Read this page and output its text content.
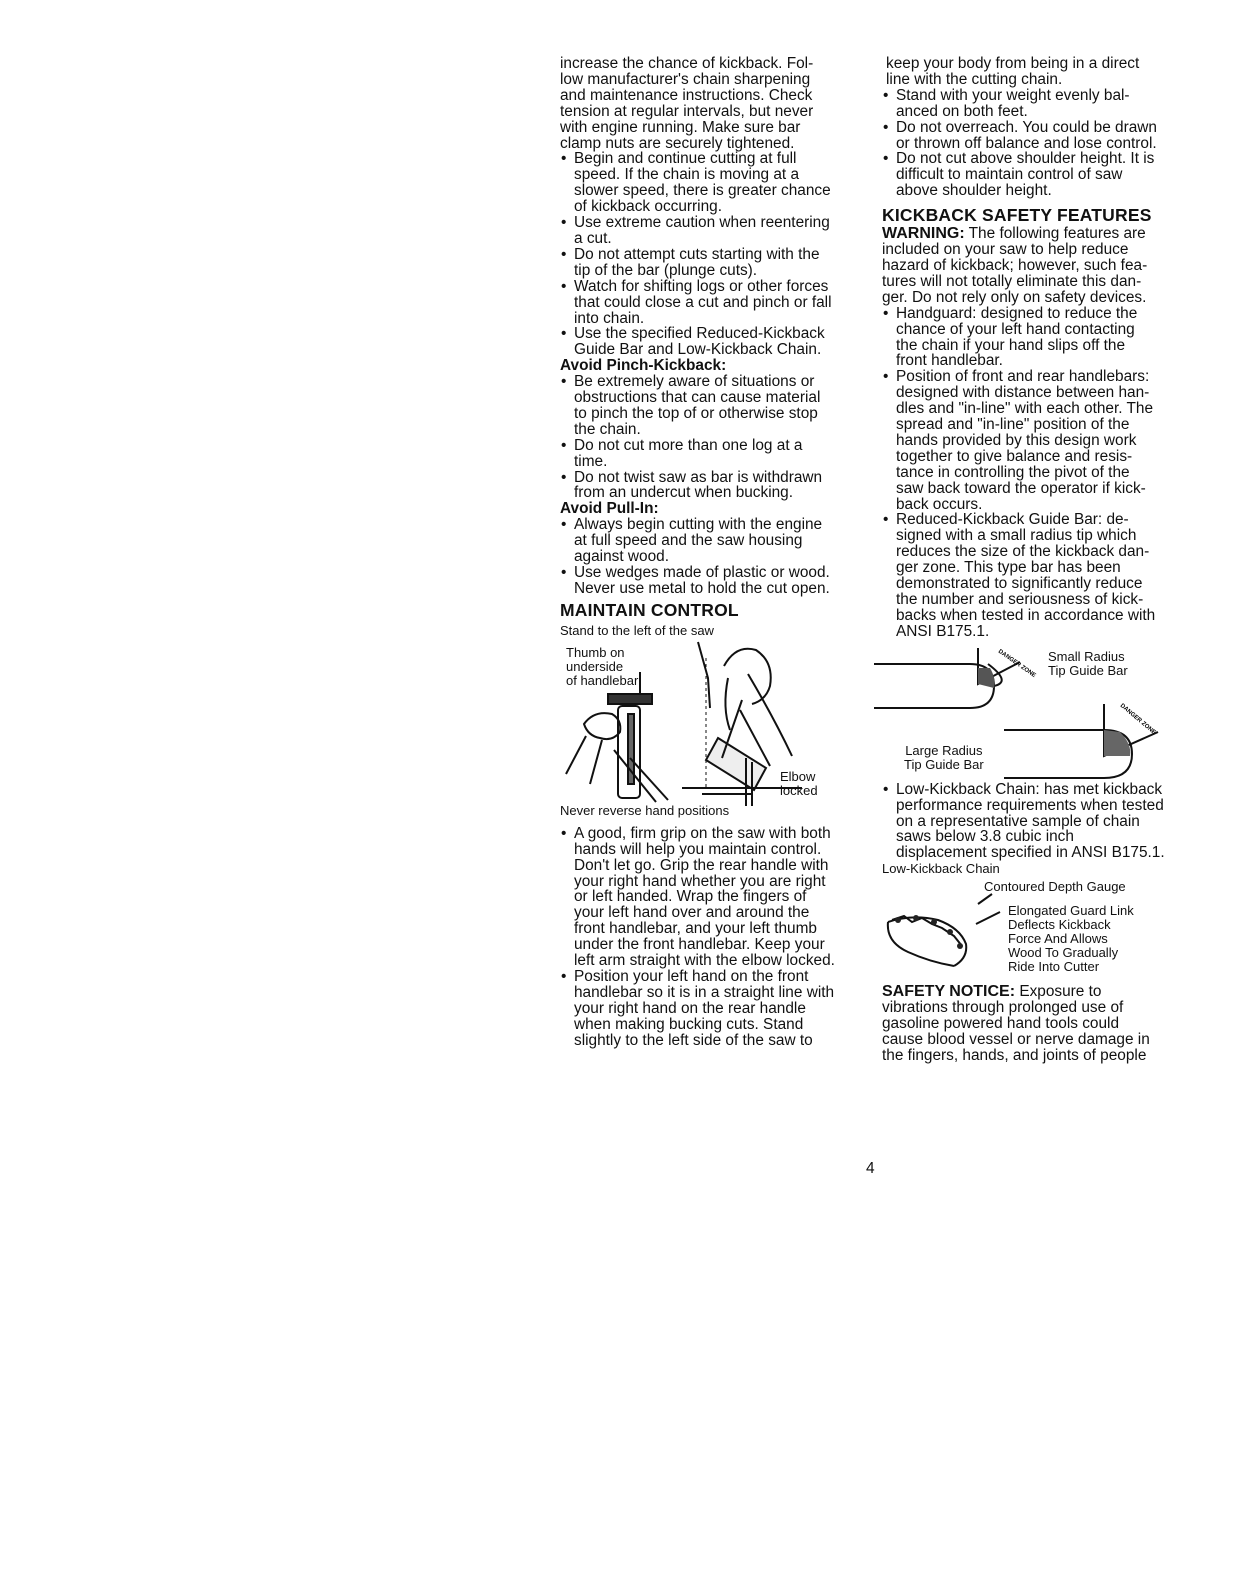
increase the chance of kickback. Fol-
low manufacturer's chain sharpening
and maintenance instructions. Check
tension at regular intervals, but never
with engine running. Make sure bar
clamp nuts are securely tightened.

• Begin and continue cutting at full
speed. If the chain is moving at a
slower speed, there is greater chance
of kickback occurring.

• Use extreme caution when reentering
a cut.

• Do not attempt cuts starting with the
tip of the bar (plunge cuts).

• Watch for shifting logs or other forces
that could close a cut and pinch or fall
into chain.

• Use the specified Reduced-Kickback
Guide Bar and Low-Kickback Chain.

Avoid Pinch-Kickback:

• Be extremely aware of situations or
obstructions that can cause material
to pinch the top of or otherwise stop
the chain.

• Do not cut more than one log at a
time.

• Do not twist saw as bar is withdrawn
from an undercut when bucking.

Avoid Pull-In:

• Always begin cutting with the engine
at full speed and the saw housing
against wood.

• Use wedges made of plastic or wood.
Never use metal to hold the cut open.

MAINTAIN CONTROL

Stand to the left of the saw
Thumb on
underside
of handlebar
Elbow
locked
Never reverse hand positions

• A good, firm grip on the saw with both
hands will help you maintain control.
Don't let go. Grip the rear handle with
your right hand whether you are right
or left handed. Wrap the fingers of
your left hand over and around the
front handlebar, and your left thumb
under the front handlebar. Keep your
left arm straight with the elbow locked.

• Position your left hand on the front
handlebar so it is in a straight line with
your right hand on the rear handle
when making bucking cuts. Stand
slightly to the left side of the saw to

keep your body from being in a direct
line with the cutting chain.

• Stand with your weight evenly bal-
anced on both feet.

• Do not overreach. You could be drawn
or thrown off balance and lose control.

• Do not cut above shoulder height. It is
difficult to maintain control of saw
above shoulder height.

KICKBACK SAFETY FEATURES

WARNING: The following features are
included on your saw to help reduce
hazard of kickback; however, such fea-
tures will not totally eliminate this dan-
ger. Do not rely only on safety devices.

• Handguard: designed to reduce the
chance of your left hand contacting
the chain if your hand slips off the
front handlebar.

• Position of front and rear handlebars:
designed with distance between han-
dles and "in-line" with each other. The
spread and "in-line" position of the
hands provided by this design work
together to give balance and resis-
tance in controlling the pivot of the
saw back toward the operator if kick-
back occurs.

• Reduced-Kickback Guide Bar: de-
signed with a small radius tip which
reduces the size of the kickback dan-
ger zone. This type bar has been
demonstrated to significantly reduce
the number and seriousness of kick-
backs when tested in accordance with
ANSI B175.1.

DANGER ZONE Small Radius
Tip Guide Bar
DANGER ZONE
Large Radius
Tip Guide Bar

• Low-Kickback Chain: has met kickback
performance requirements when tested
on a representative sample of chain
saws below 3.8 cubic inch
displacement specified in ANSI B175.1.

Low-Kickback Chain

Contoured Depth Gauge
Elongated Guard Link
Deflects Kickback
Force And Allows
Wood To Gradually
Ride Into Cutter

SAFETY NOTICE: Exposure to
vibrations through prolonged use of
gasoline powered hand tools could
cause blood vessel or nerve damage in
the fingers, hands, and joints of people

4
